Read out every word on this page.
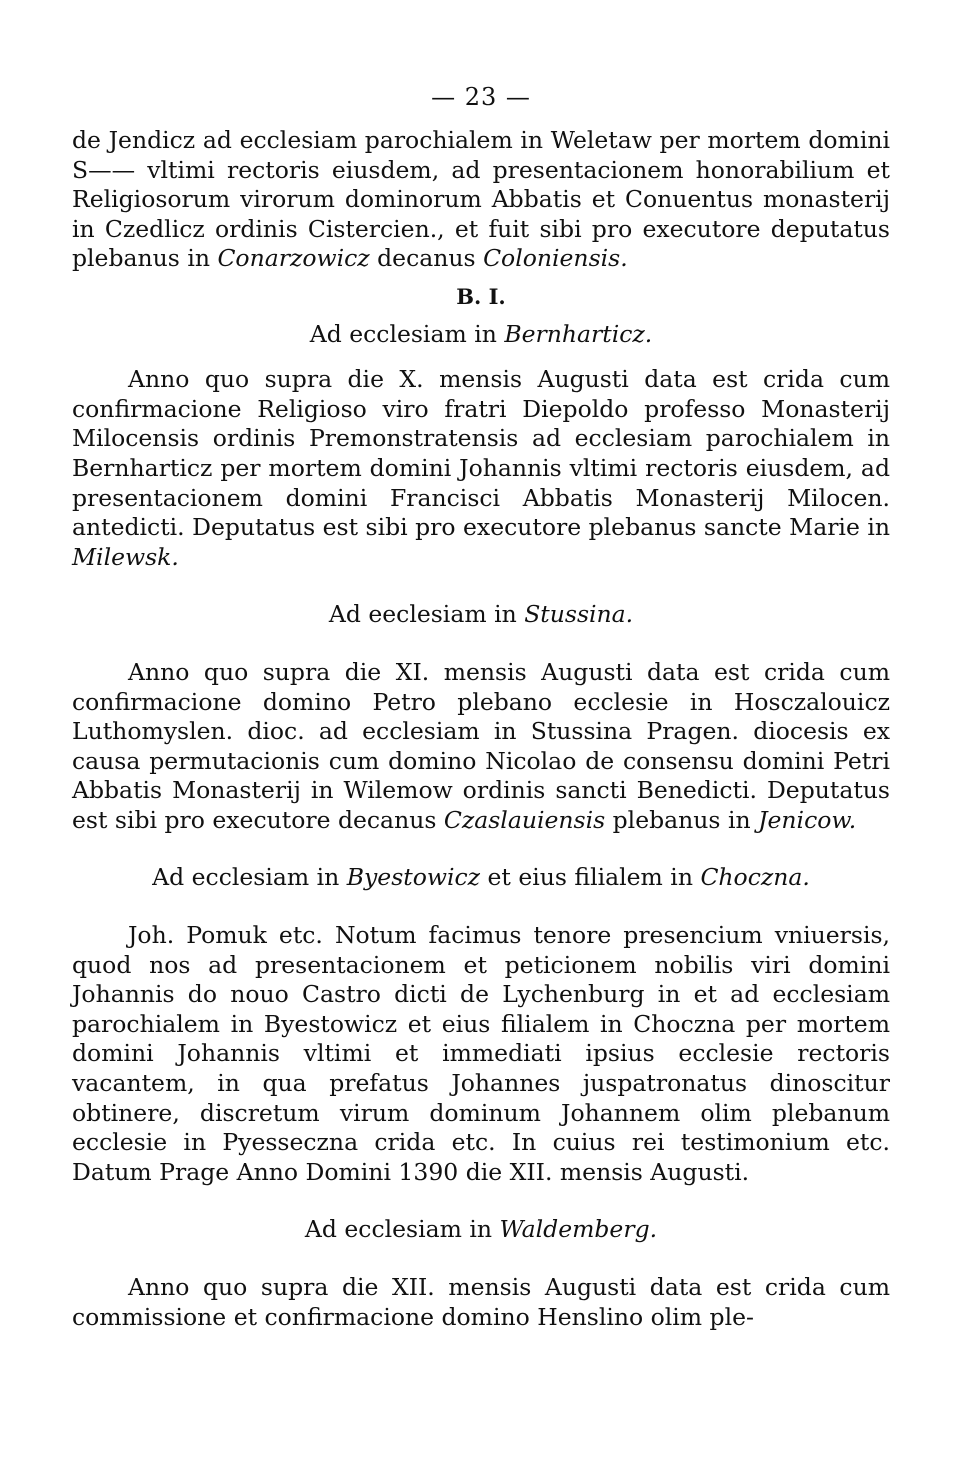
— 23 —

de Jendicz ad ecclesiam parochialem in Weletaw per mortem domini S—— vltimi rectoris eiusdem, ad presentacionem honorabilium et Religiosorum virorum dominorum Abbatis et Conuentus monasterij in Czedlicz ordinis Cistercien., et fuit sibi pro executore deputatus plebanus in Conarzowicz decanus Coloniensis.

B. I.

Ad ecclesiam in Bernharticz.

Anno quo supra die X. mensis Augusti data est crida cum confirmacione Religioso viro fratri Diepoldo professo Monasterij Milocensis ordinis Premonstratensis ad ecclesiam parochialem in Bernharticz per mortem domini Johannis vltimi rectoris eiusdem, ad presentacionem domini Francisci Abbatis Monasterij Milocen. antedicti. Deputatus est sibi pro executore plebanus sancte Marie in Milewsk.

Ad eeclesiam in Stussina.

Anno quo supra die XI. mensis Augusti data est crida cum confirmacione domino Petro plebano ecclesie in Hosczalouicz Luthomyslen. dioc. ad ecclesiam in Stussina Pragen. diocesis ex causa permutacionis cum domino Nicolao de consensu domini Petri Abbatis Monasterij in Wilemow ordinis sancti Benedicti. Deputatus est sibi pro executore decanus Czaslauiensis plebanus in Jenicow.

Ad ecclesiam in Byestowicz et eius filialem in Choczna.

Joh. Pomuk etc. Notum facimus tenore presencium vniuersis, quod nos ad presentacionem et peticionem nobilis viri domini Johannis do nouo Castro dicti de Lychenburg in et ad ecclesiam parochialem in Byestowicz et eius filialem in Choczna per mortem domini Johannis vltimi et immediati ipsius ecclesie rectoris vacantem, in qua prefatus Johannes juspatronatus dinoscitur obtinere, discretum virum dominum Johannem olim plebanum ecclesie in Pyesseczna crida etc. In cuius rei testimonium etc. Datum Prage Anno Domini 1390 die XII. mensis Augusti.

Ad ecclesiam in Waldemberg.

Anno quo supra die XII. mensis Augusti data est crida cum commissione et confirmacione domino Henslino olim ple-
